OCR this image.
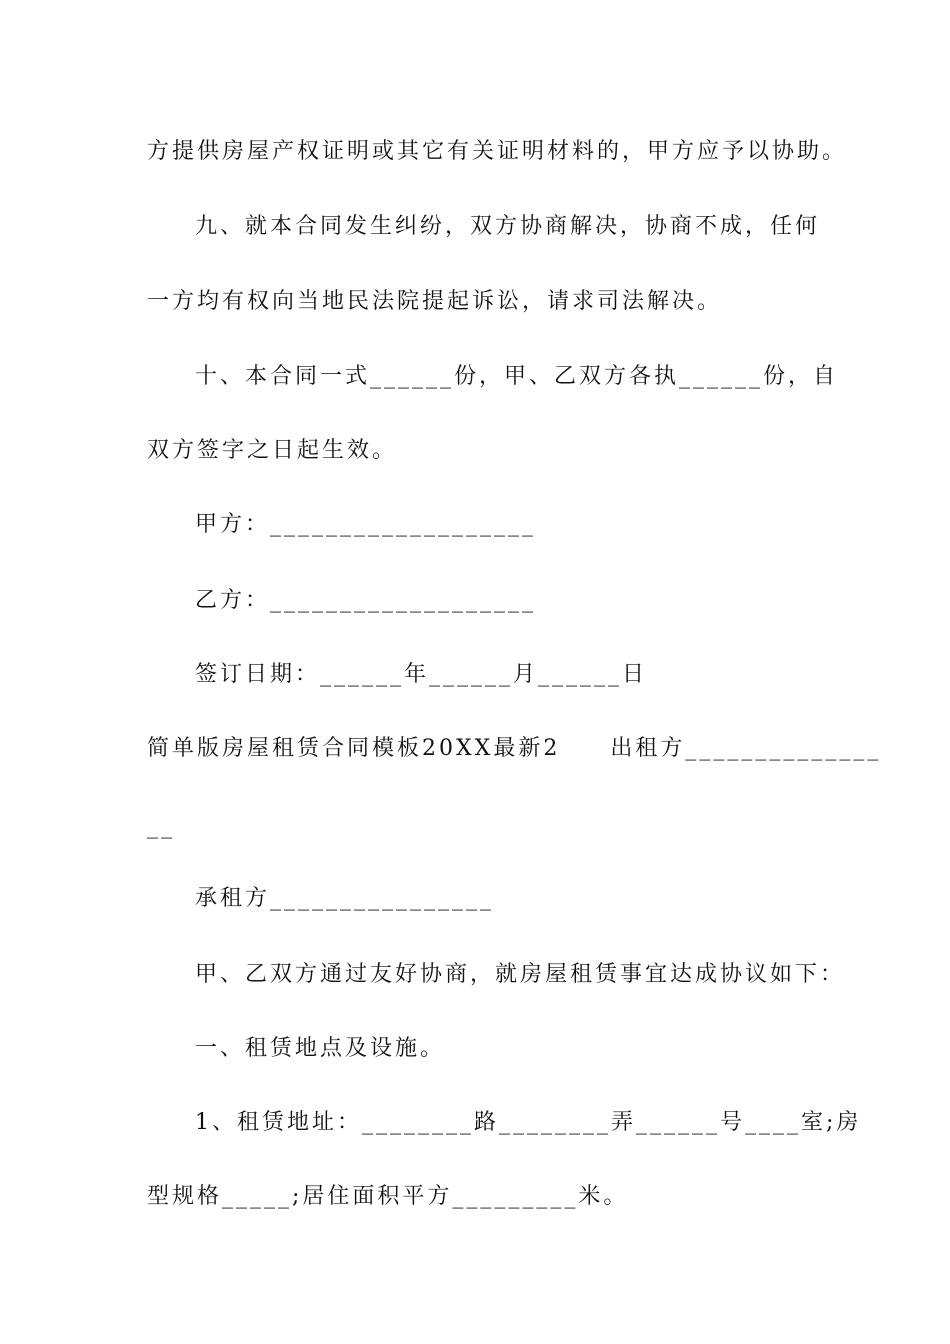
方提供房屋产权证明或其它有关证明材料的，甲方应予以协助。
九、就本合同发生纠纷，双方协商解决，协商不成，任何
一方均有权向当地民法院提起诉讼，请求司法解决。
十、本合同一式______份，甲、乙双方各执______份，自
双方签字之日起生效。
甲方：___________________
乙方：___________________
签订日期：______年______月______日
简单版房屋租赁合同模板20XX最新2　　出租方______________
__
承租方________________
甲、乙双方通过友好协商，就房屋租赁事宜达成协议如下：
一、租赁地点及设施。
1、租赁地址：________路________弄______号____室;房
型规格_____;居住面积平方_________米。
